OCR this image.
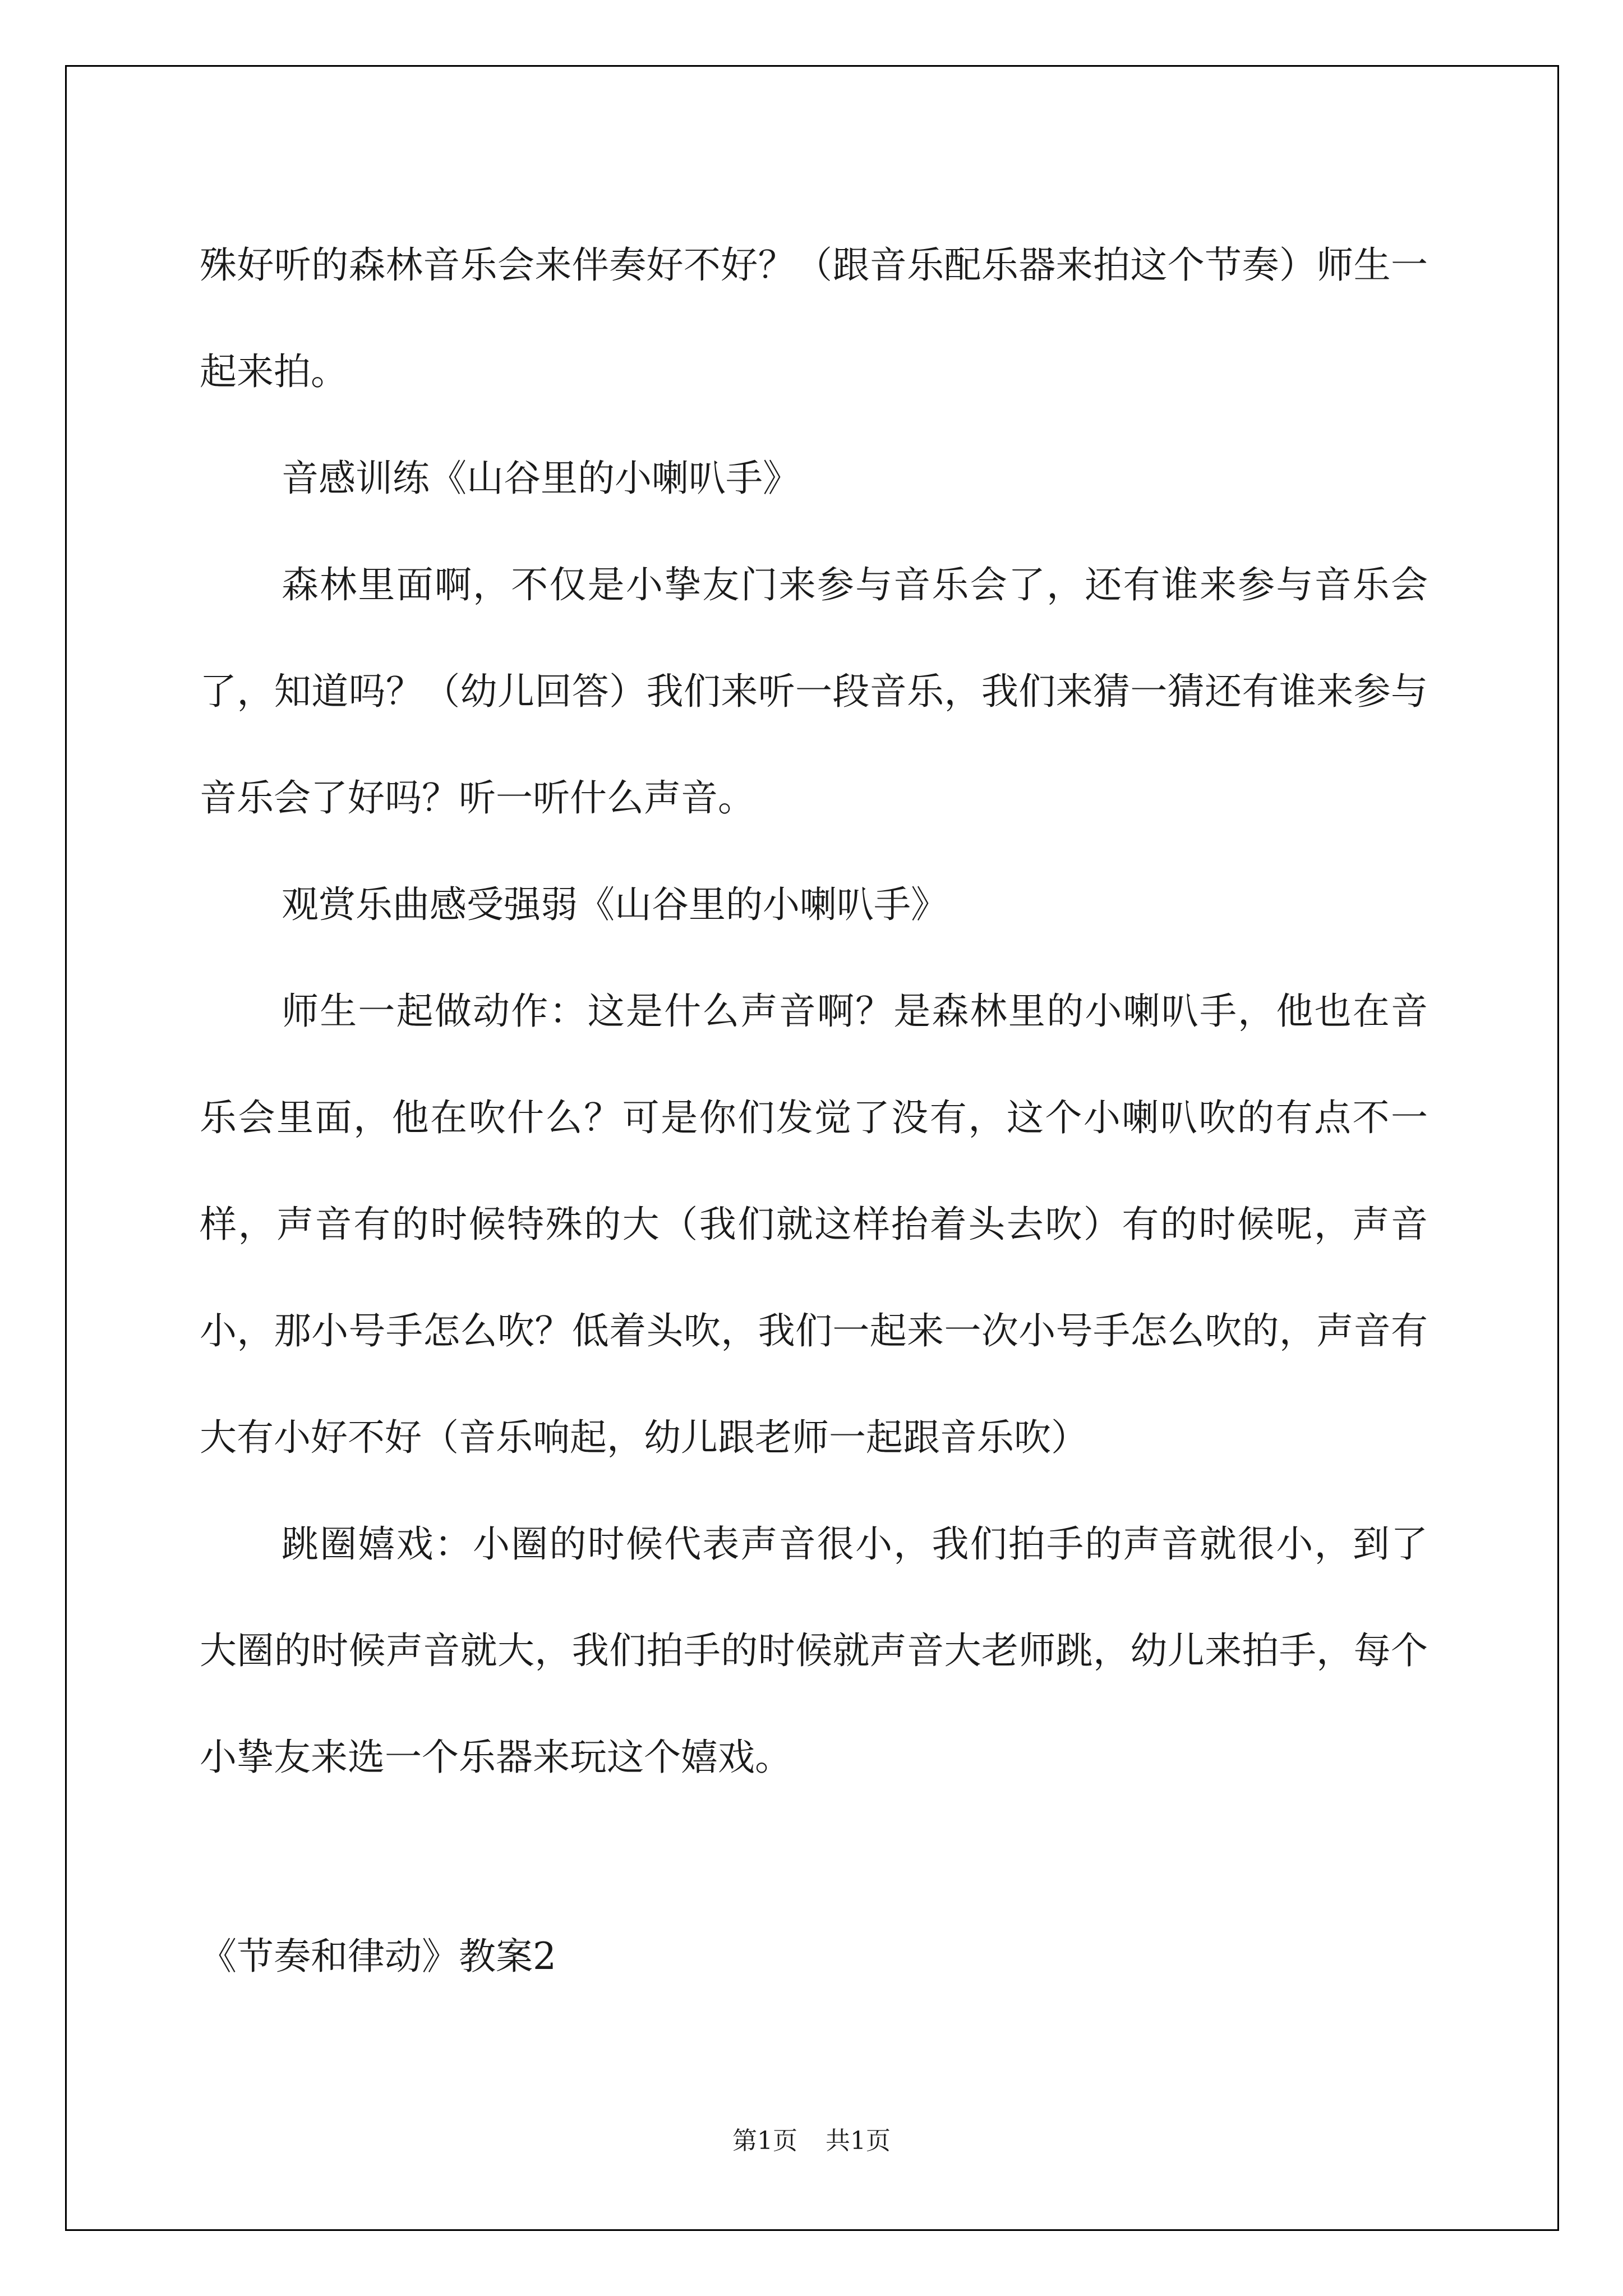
殊好听的森林音乐会来伴奏好不好？（跟音乐配乐器来拍这个节奏）师生一起来拍。

音感训练《山谷里的小喇叭手》

森林里面啊，不仅是小挚友门来参与音乐会了，还有谁来参与音乐会了，知道吗？（幼儿回答）我们来听一段音乐，我们来猜一猜还有谁来参与音乐会了好吗？听一听什么声音。

观赏乐曲感受强弱《山谷里的小喇叭手》

师生一起做动作：这是什么声音啊？是森林里的小喇叭手，他也在音乐会里面，他在吹什么？可是你们发觉了没有，这个小喇叭吹的有点不一样，声音有的时候特殊的大（我们就这样抬着头去吹）有的时候呢，声音小，那小号手怎么吹？低着头吹，我们一起来一次小号手怎么吹的，声音有大有小好不好（音乐响起，幼儿跟老师一起跟音乐吹）

跳圈嬉戏：小圈的时候代表声音很小，我们拍手的声音就很小，到了大圈的时候声音就大，我们拍手的时候就声音大老师跳，幼儿来拍手，每个小挚友来选一个乐器来玩这个嬉戏。

《节奏和律动》教案2

第1页 共1页
